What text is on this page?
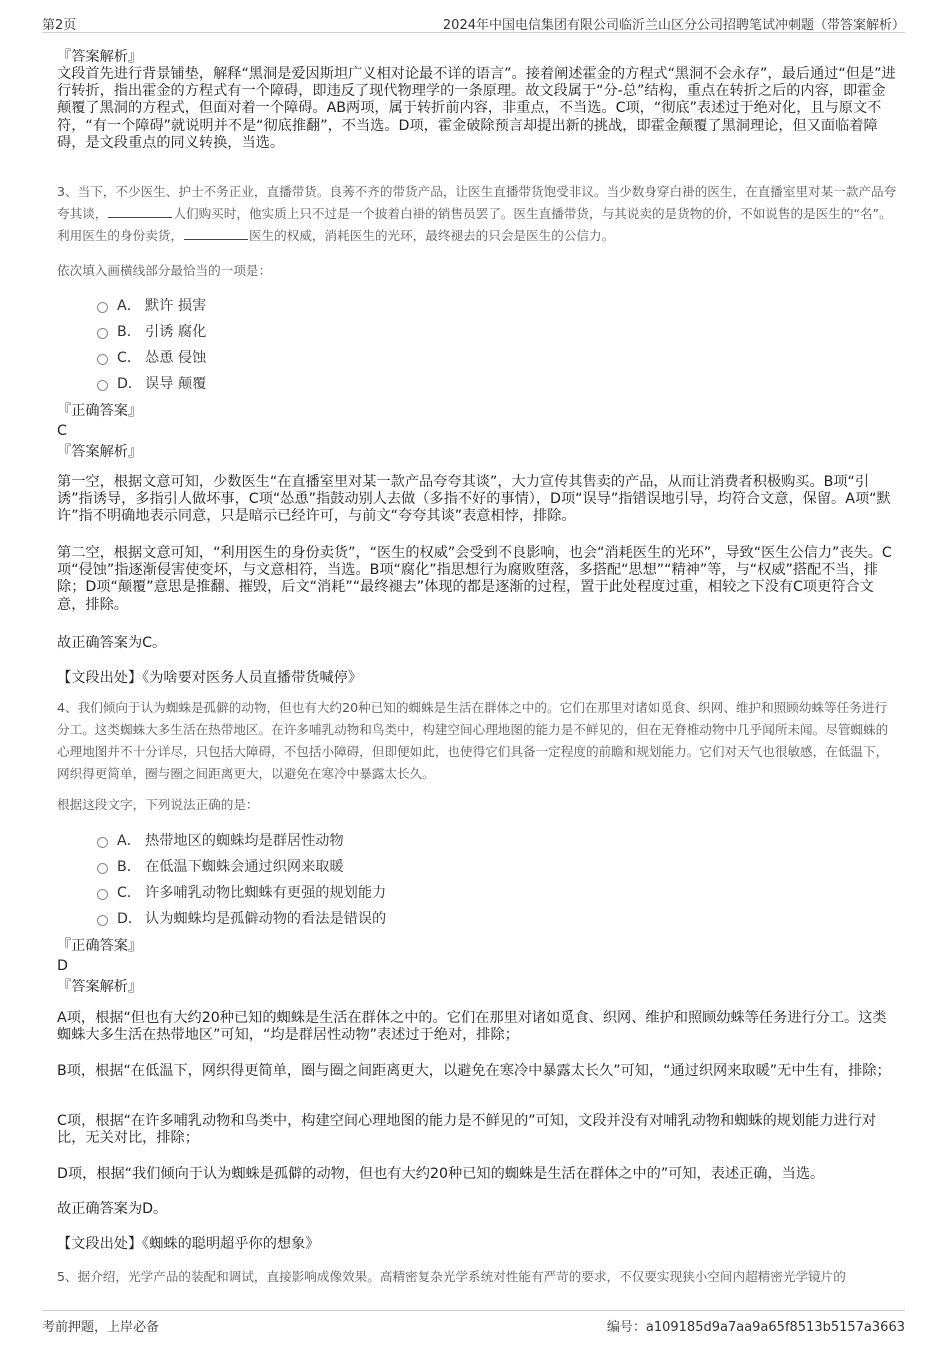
第2页	2024年中国电信集团有限公司临沂兰山区分公司招聘笔试冲刺题（带答案解析）
『答案解析』

文段首先进行背景铺垫，解释“黑洞是爱因斯坦广义相对论最不详的语言”。接着阐述霍金的方程式“黑洞不会永存”，最后通过“但是”进行转折，指出霍金的方程式有一个障碍，即违反了现代物理学的一条原理。故文段属于“分-总”结构，重点在转折之后的内容，即霍金颠覆了黑洞的方程式，但面对着一个障碍。AB两项，属于转折前内容，非重点，不当选。C项，“彻底”表述过于绝对化，且与原文不符，“有一个障碍”就说明并不是“彻底推翻”，不当选。D项，霍金破除预言却提出新的挑战，即霍金颠覆了黑洞理论，但又面临着障碍，是文段重点的同义转换，当选。

3、当下，不少医生、护士不务正业，直播带货。良莠不齐的带货产品，让医生直播带货饱受非议。当少数身穿白褂的医生，在直播室里对某一款产品夸夸其谈，	人们购买时，他实质上只不过是一个披着白褂的销售员罢了。医生直播带货，与其说卖的是货物的价，不如说售的是医生的“名”。利用医生的身份卖货，	医生的权威，消耗医生的光环，最终褪去的只会是医生的公信力。

依次填入画横线部分最恰当的一项是：
A． 默许 损害
B． 引诱 腐化
C． 怂恿 侵蚀
D． 误导 颠覆
『正确答案』
C
『答案解析』

第一空，根据文意可知，少数医生“在直播室里对某一款产品夸夸其谈”，大力宣传其售卖的产品，从而让消费者积极购买。B项“引诱”指诱导，多指引人做坏事，C项“怂恿”指鼓动别人去做（多指不好的事情），D项“误导”指错误地引导，均符合文意，保留。A项“默许”指不明确地表示同意，只是暗示已经许可，与前文“夸夸其谈”表意相悖，排除。

第二空，根据文意可知，“利用医生的身份卖货”，“医生的权威”会受到不良影响，也会“消耗医生的光环”，导致“医生公信力”丧失。C项“侵蚀”指逐渐侵害使变坏，与文意相符，当选。B项“腐化”指思想行为腐败堕落，多搭配“思想”“精神”等，与“权威”搭配不当，排除；D项“颠覆”意思是推翻、摧毁，后文“消耗”“最终褪去”体现的都是逐渐的过程，置于此处程度过重，相较之下没有C项更符合文意，排除。

故正确答案为C。
【文段出处】《为啥要对医务人员直播带货喊停》

4、我们倾向于认为蜘蛛是孤僻的动物，但也有大约20种已知的蜘蛛是生活在群体之中的。它们在那里对诸如觅食、织网、维护和照顾幼蛛等任务进行分工。这类蜘蛛大多生活在热带地区。在许多哺乳动物和鸟类中，构建空间心理地图的能力是不鲜见的，但在无脊椎动物中几乎闻所未闻。尽管蜘蛛的心理地图并不十分详尽，只包括大障碍，不包括小障碍，但即便如此，也使得它们具备一定程度的前瞻和规划能力。它们对天气也很敏感，在低温下，网织得更简单，圈与圈之间距离更大，以避免在寒冷中暴露太长久。

根据这段文字，下列说法正确的是：
A． 热带地区的蜘蛛均是群居性动物
B． 在低温下蜘蛛会通过织网来取暖
C． 许多哺乳动物比蜘蛛有更强的规划能力
D． 认为蜘蛛均是孤僻动物的看法是错误的
『正确答案』
D
『答案解析』

A项，根据“但也有大约20种已知的蜘蛛是生活在群体之中的。它们在那里对诸如觅食、织网、维护和照顾幼蛛等任务进行分工。这类蜘蛛大多生活在热带地区”可知，“均是群居性动物”表述过于绝对，排除；

B项，根据“在低温下，网织得更简单，圈与圈之间距离更大，以避免在寒冷中暴露太长久”可知，“通过织网来取暖”无中生有，排除；

C项，根据“在许多哺乳动物和鸟类中，构建空间心理地图的能力是不鲜见的”可知，文段并没有对哺乳动物和蜘蛛的规划能力进行对比，无关对比，排除；

D项，根据“我们倾向于认为蜘蛛是孤僻的动物，但也有大约20种已知的蜘蛛是生活在群体之中的”可知，表述正确，当选。

故正确答案为D。
【文段出处】《蜘蛛的聪明超乎你的想象》

5、据介绍，光学产品的装配和调试，直接影响成像效果。高精密复杂光学系统对性能有严苛的要求，不仅要实现狭小空间内超精密光学镜片的

考前押题，上岸必备	编号：a109185d9a7aa9a65f8513b5157a3663
